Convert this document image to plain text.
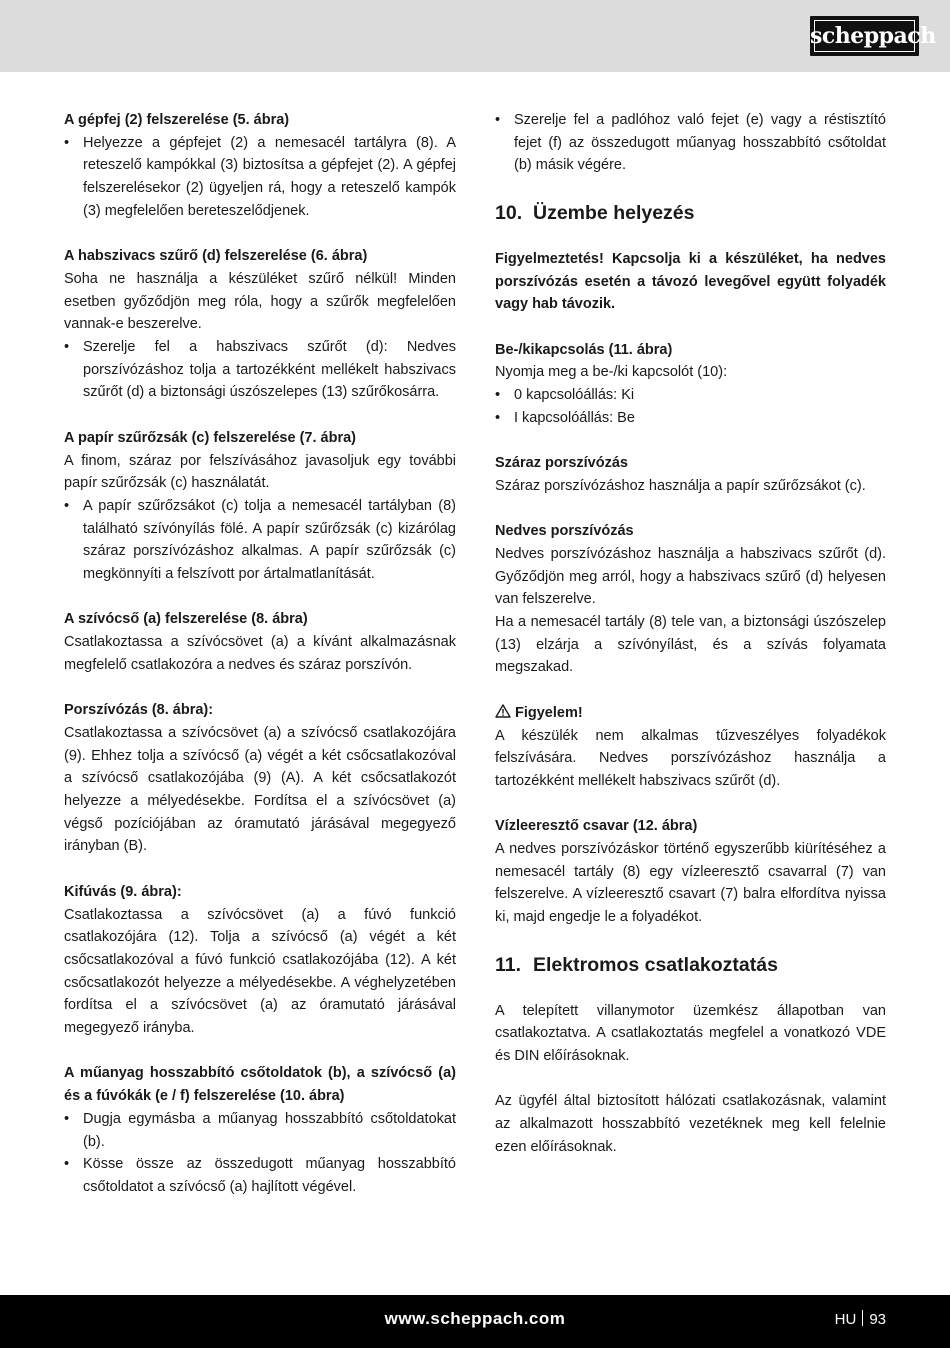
scheppach

A gépfej (2) felszerelése (5. ábra)

• Helyezze a gépfejet (2) a nemesacél tartályra (8). A reteszelő kampókkal (3) biztosítsa a gépfejet (2). A gépfej felszerelésekor (2) ügyeljen rá, hogy a reteszelő kampók (3) megfelelően bereteszelődjenek.

A habszivacs szűrő (d) felszerelése (6. ábra)

Soha ne használja a készüléket szűrő nélkül! Minden esetben győződjön meg róla, hogy a szűrők megfelelően vannak-e beszerelve.

• Szerelje fel a habszivacs szűrőt (d): Nedves porszívózáshoz tolja a tartozékként mellékelt habszivacs szűrőt (d) a biztonsági úszószelepes (13) szűrőkosárra.

A papír szűrőzsák (c) felszerelése (7. ábra)

A finom, száraz por felszívásához javasoljuk egy további papír szűrőzsák (c) használatát.

• A papír szűrőzsákot (c) tolja a nemesacél tartályban (8) található szívónyílás fölé. A papír szűrőzsák (c) kizárólag száraz porszívózáshoz alkalmas. A papír szűrőzsák (c) megkönnyíti a felszívott por ártalmatlanítását.

A szívócső (a) felszerelése (8. ábra)

Csatlakoztassa a szívócsövet (a) a kívánt alkalmazásnak megfelelő csatlakozóra a nedves és száraz porszívón.

Porszívózás (8. ábra):

Csatlakoztassa a szívócsövet (a) a szívócső csatlakozójára (9). Ehhez tolja a szívócső (a) végét a két csőcsatlakozóval a szívócső csatlakozójába (9) (A). A két csőcsatlakozót helyezze a mélyedésekbe. Fordítsa el a szívócsövet (a) végső pozíciójában az óramutató járásával megegyező irányban (B).

Kifúvás (9. ábra):

Csatlakoztassa a szívócsövet (a) a fúvó funkció csatlakozójára (12). Tolja a szívócső (a) végét a két csőcsatlakozóval a fúvó funkció csatlakozójába (12). A két csőcsatlakozót helyezze a mélyedésekbe. A véghelyzetében fordítsa el a szívócsövet (a) az óramutató járásával megegyező irányba.

A műanyag hosszabbító csőtoldatok (b), a szívócső (a) és a fúvókák (e / f) felszerelése (10. ábra)

• Dugja egymásba a műanyag hosszabbító csőtoldatokat (b).
• Kösse össze az összedugott műanyag hosszabbító csőtoldatot a szívócső (a) hajlított végével.
• Szerelje fel a padlóhoz való fejet (e) vagy a réstisztító fejet (f) az összedugott műanyag hosszabbító csőtoldat (b) másik végére.
10. Üzembe helyezés

Figyelmeztetés! Kapcsolja ki a készüléket, ha nedves porszívózás esetén a távozó levegővel együtt folyadék vagy hab távozik.

Be-/kikapcsolás (11. ábra)

Nyomja meg a be-/ki kapcsolót (10):

• 0 kapcsolóállás: Ki
• I kapcsolóállás: Be

Száraz porszívózás

Száraz porszívózáshoz használja a papír szűrőzsákot (c).

Nedves porszívózás

Nedves porszívózáshoz használja a habszivacs szűrőt (d). Győződjön meg arról, hogy a habszivacs szűrő (d) helyesen van felszerelve.

Ha a nemesacél tartály (8) tele van, a biztonsági úszószelep (13) elzárja a szívónyílást, és a szívás folyamata megszakad.

Figyelem!

A készülék nem alkalmas tűzveszélyes folyadékok felszívására. Nedves porszívózáshoz használja a tartozékként mellékelt habszivacs szűrőt (d).

Vízleeresztő csavar (12. ábra)

A nedves porszívózáskor történő egyszerűbb kiürítéséhez a nemesacél tartály (8) egy vízleeresztő csavarral (7) van felszerelve. A vízleeresztő csavart (7) balra elfordítva nyissa ki, majd engedje le a folyadékot.

11. Elektromos csatlakoztatás

A telepített villanymotor üzemkész állapotban van csatlakoztatva. A csatlakoztatás megfelel a vonatkozó VDE és DIN előírásoknak.

Az ügyfél által biztosított hálózati csatlakozásnak, valamint az alkalmazott hosszabbító vezetéknek meg kell felelnie ezen előírásoknak.

www.scheppach.com	HU 93
